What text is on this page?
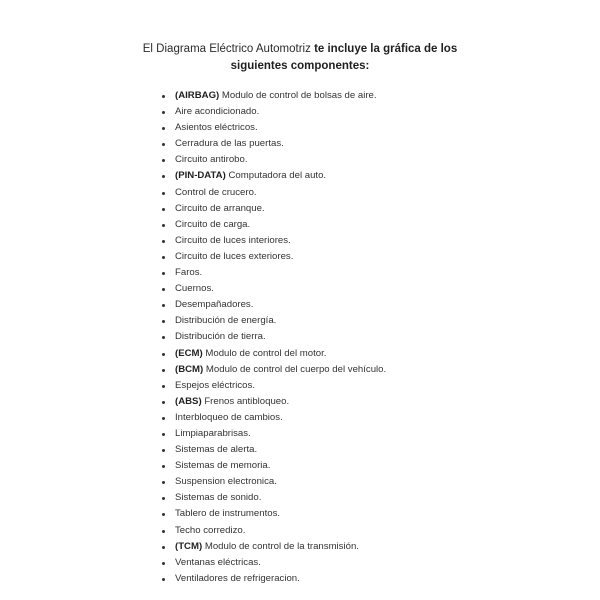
El Diagrama Eléctrico Automotriz te incluye la gráfica de los siguientes componentes:
(AIRBAG) Modulo de control de bolsas de aire.
Aire acondicionado.
Asientos eléctricos.
Cerradura de las puertas.
Circuito antirobo.
(PIN-DATA) Computadora del auto.
Control de crucero.
Circuito de arranque.
Circuito de carga.
Circuito de luces interiores.
Circuito de luces exteriores.
Faros.
Cuernos.
Desempañadores.
Distribución de energía.
Distribución de tierra.
(ECM) Modulo de control del motor.
(BCM) Modulo de control del cuerpo del vehículo.
Espejos eléctricos.
(ABS) Frenos antibloqueo.
Interbloqueo de cambios.
Limpiaparabrisas.
Sistemas de alerta.
Sistemas de memoria.
Suspension electronica.
Sistemas de sonido.
Tablero de instrumentos.
Techo corredizo.
(TCM) Modulo de control de la transmisión.
Ventanas eléctricas.
Ventiladores de refrigeracion.
